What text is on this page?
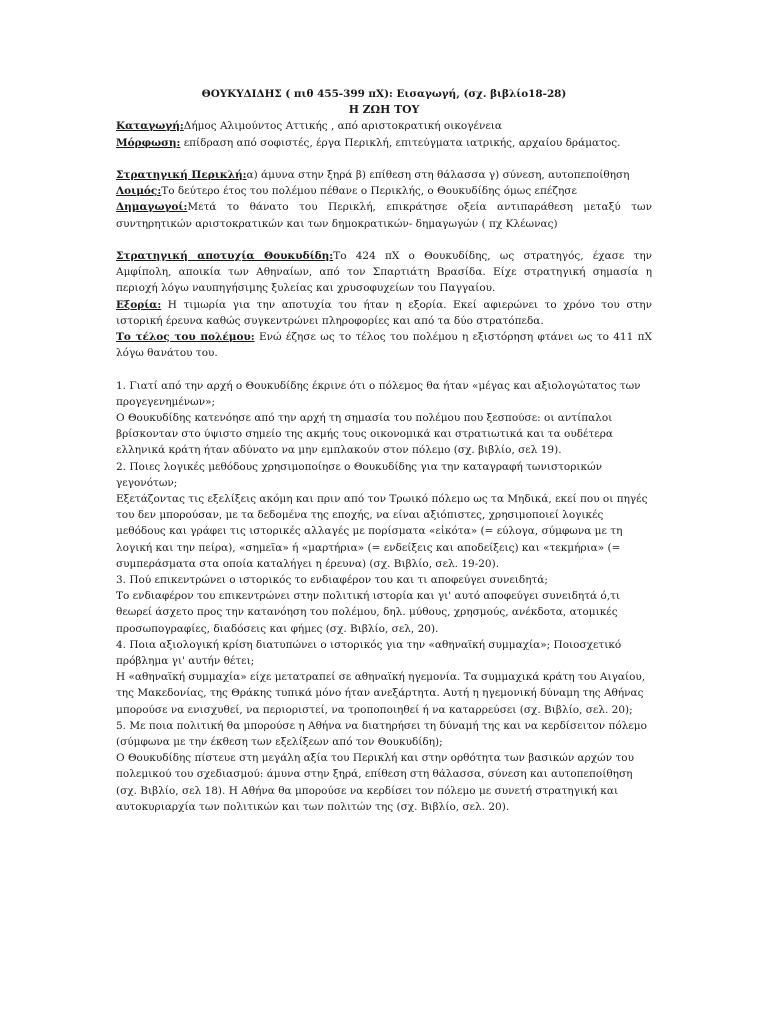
ΘΟΥΚΥΔΙΔΗΣ ( πιθ 455-399 πΧ): Εισαγωγή, (σχ. βιβλίο18-28)
Η ΖΩΗ ΤΟΥ

Καταγωγή:Δήμος Αλιμούντος Αττικής , από αριστοκρατική οικογένεια

Μόρφωση: επίδραση από σοφιστές, έργα Περικλή, επιτεύγματα ιατρικής, αρχαίου δράματος.

Στρατηγική Περικλή:α) άμυνα στην ξηρά β) επίθεση στη θάλασσα γ) σύνεση, αυτοπεποίθηση

Λοιμός:Το δεύτερο έτος του πολέμου πέθανε ο Περικλής, ο Θουκυδίδης όμως επέζησε

Δημαγωγοί:Μετά το θάνατο του Περικλή, επικράτησε οξεία αντιπαράθεση μεταξύ των συντηρητικών αριστοκρατικών και των δημοκρατικών- δημαγωγών ( πχ Κλέωνας)

Στρατηγική αποτυχία Θουκυδίδη:Το 424 πΧ ο Θουκυδίδης, ως στρατηγός, έχασε την Αμφίπολη, αποικία των Αθηναίων, από τον Σπαρτιάτη Βρασίδα. Είχε στρατηγική σημασία η περιοχή λόγω ναυπηγήσιμης ξυλείας και χρυσοφυχείων του Παγγαίου.

Εξορία: Η τιμωρία για την αποτυχία του ήταν η εξορία. Εκεί αφιερώνει το χρόνο του στην ιστορική έρευνα καθώς συγκεντρώνει πληροφορίες και από τα δύο στρατόπεδα.

Το τέλος του πολέμου: Ενώ έζησε ως το τέλος του πολέμου η εξιστόρηση φτάνει ως το 411 πΧ λόγω θανάτου του.

1. Γιατί από την αρχή ο Θουκυδίδης έκρινε ότι ο πόλεμος θα ήταν «μέγας και αξιολογώτατος των προγεγενημένων»;

Ο Θουκυδίδης κατενόησε από την αρχή τη σημασία του πολέμου που ξεσπούσε: οι αντίπαλοι βρίσκονταν στο ύψιστο σημείο της ακμής τους οικονομικά και στρατιωτικά και τα ουδέτερα ελληνικά κράτη ήταν αδύνατο να μην εμπλακούν στον πόλεμο (σχ. βιβλίο, σελ 19).

2. Ποιες λογικές μεθόδους χρησιμοποίησε ο Θουκυδίδης για την καταγραφή τωνιστορικών γεγονότων;

Εξετάζοντας τις εξελίξεις ακόμη και πριν από τον Τρωικό πόλεμο ως τα Μηδικά, εκεί που οι πηγές του δεν μπορούσαν, με τα δεδομένα της εποχής, να είναι αξιόπιστες, χρησιμοποιεί λογικές μεθόδους και γράφει τις ιστορικές αλλαγές με πορίσματα «εἰκότα» (= εύλογα, σύμφωνα με τη λογική και την πείρα), «σημεῖα» ή «μαρτήρια» (= ενδείξεις και αποδείξεις) και «τεκμήρια» (= συμπεράσματα στα οποία καταλήγει η έρευνα) (σχ. Βιβλίο, σελ. 19-20).

3. Πού επικεντρώνει ο ιστορικός το ενδιαφέρον του και τι αποφεύγει συνειδητά;

Το ενδιαφέρον του επικεντρώνει στην πολιτική ιστορία και γι' αυτό αποφεύγει συνειδητά ό,τι θεωρεί άσχετο προς την κατανόηση του πολέμου, δηλ. μύθους, χρησμούς, ανέκδοτα, ατομικές προσωπογραφίες, διαδόσεις και φήμες (σχ. Βιβλίο, σελ, 20).

4. Ποια αξιολογική κρίση διατυπώνει ο ιστορικός για την «αθηναϊκή συμμαχία»; Ποιοσχετικό πρόβλημα γι' αυτήν θέτει;

Η «αθηναϊκή συμμαχία» είχε μετατραπεί σε αθηναϊκή ηγεμονία. Τα συμμαχικά κράτη του Αιγαίου, της Μακεδονίας, της Θράκης τυπικά μόνο ήταν ανεξάρτητα. Αυτή η ηγεμονική δύναμη της Αθήνας μπορούσε να ενισχυθεί, να περιοριστεί, να τροποποιηθεί ή να καταρρεύσει (σχ. Βιβλίο, σελ. 20);

5. Με ποια πολιτική θα μπορούσε η Αθήνα να διατηρήσει τη δύναμή της και να κερδίσειτον πόλεμο (σύμφωνα με την έκθεση των εξελίξεων από τον Θουκυδίδη);

Ο Θουκυδίδης πίστευε στη μεγάλη αξία του Περικλή και στην ορθότητα των βασικών αρχών του πολεμικού του σχεδιασμού: άμυνα στην ξηρά, επίθεση στη θάλασσα, σύνεση και αυτοπεποίθηση (σχ. Βιβλίο, σελ 18). Η Αθήνα θα μπορούσε να κερδίσει τον πόλεμο με συνετή στρατηγική και αυτοκυριαρχία των πολιτικών και των πολιτών της (σχ. Βιβλίο, σελ. 20).
